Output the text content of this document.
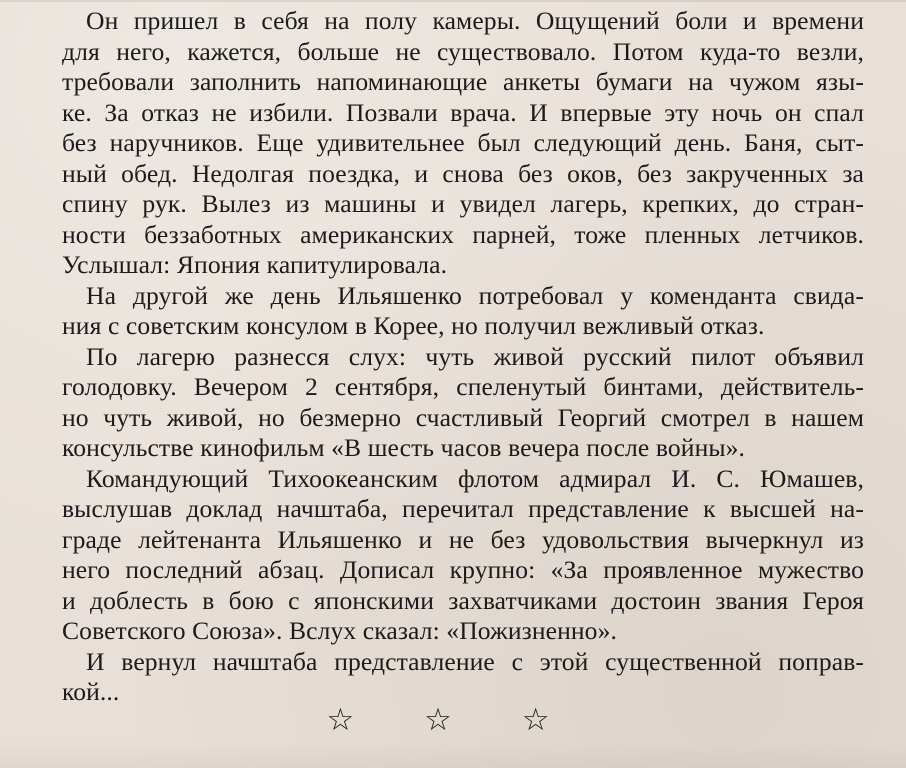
Он пришел в себя на полу камеры. Ощущений боли и времени
для него, кажется, больше не существовало. Потом куда-то везли,
требовали заполнить напоминающие анкеты бумаги на чужом язы-
ке. За отказ не избили. Позвали врача. И впервые эту ночь он спал
без наручников. Еще удивительнее был следующий день. Баня, сыт-
ный обед. Недолгая поездка, и снова без оков, без закрученных за
спину рук. Вылез из машины и увидел лагерь, крепких, до стран-
ности беззаботных американских парней, тоже пленных летчиков.
Услышал: Япония капитулировала.
На другой же день Ильяшенко потребовал у коменданта свида-
ния с советским консулом в Корее, но получил вежливый отказ.
По лагерю разнесся слух: чуть живой русский пилот объявил
голодовку. Вечером 2 сентября, спеленутый бинтами, действитель-
но чуть живой, но безмерно счастливый Георгий смотрел в нашем
консульстве кинофильм «В шесть часов вечера после войны».
Командующий Тихоокеанским флотом адмирал И. С. Юмашев,
выслушав доклад начштаба, перечитал представление к высшей на-
граде лейтенанта Ильяшенко и не без удовольствия вычеркнул из
него последний абзац. Дописал крупно: «За проявленное мужество
и доблесть в бою с японскими захватчиками достоин звания Героя
Советского Союза». Вслух сказал: «Пожизненно».
И вернул начштаба представление с этой существенной поправ-
кой...
☆ ☆ ☆
